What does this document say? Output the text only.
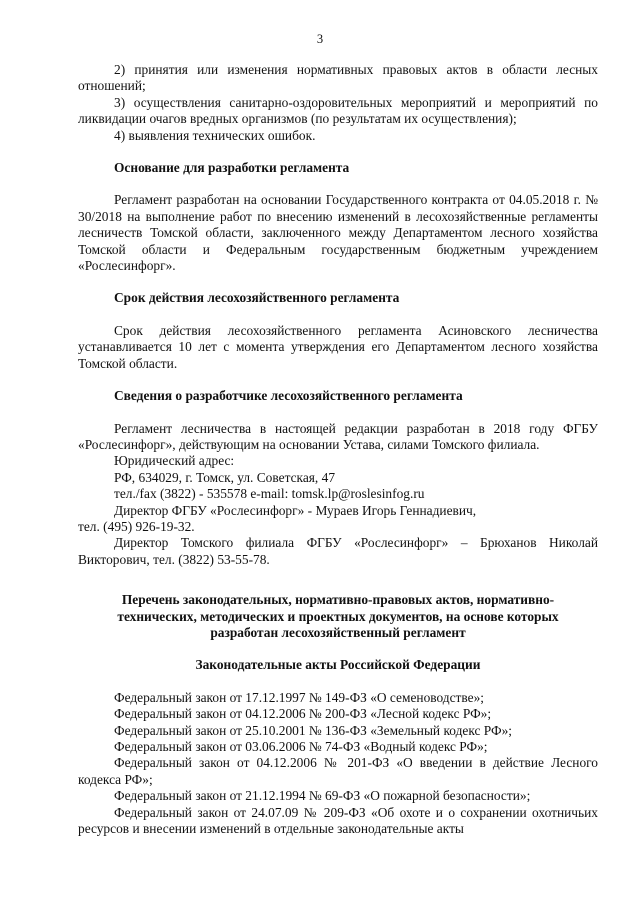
3

2) принятия или изменения нормативных правовых актов в области лесных отношений;

3) осуществления санитарно-оздоровительных мероприятий и мероприятий по ликвидации очагов вредных организмов (по результатам их осуществления);

4) выявления технических ошибок.

Основание для разработки регламента

Регламент разработан на основании Государственного контракта от 04.05.2018 г. № 30/2018 на выполнение работ по внесению изменений в лесохозяйственные регламенты лесничеств Томской области, заключенного между Департаментом лесного хозяйства Томской области и Федеральным государственным бюджетным учреждением «Рослесинфорг».

Срок действия лесохозяйственного регламента

Срок действия лесохозяйственного регламента Асиновского лесничества устанавливается 10 лет с момента утверждения его Департаментом лесного хозяйства Томской области.

Сведения о разработчике лесохозяйственного регламента

Регламент лесничества в настоящей редакции разработан в 2018 году ФГБУ «Рослесинфорг», действующим на основании Устава, силами Томского филиала.

Юридический адрес:

РФ, 634029, г. Томск, ул. Советская, 47

тел./fax (3822) - 535578 e-mail: tomsk.lp@roslesinfog.ru

Директор ФГБУ «Рослесинфорг» - Мураев Игорь Геннадиевич,

тел. (495) 926-19-32.

Директор Томского филиала ФГБУ «Рослесинфорг» – Брюханов Николай Викторович, тел. (3822) 53-55-78.

Перечень законодательных, нормативно-правовых актов, нормативно-
технических, методических и проектных документов, на основе которых
разработан лесохозяйственный регламент
Законодательные акты Российской Федерации

Федеральный закон от 17.12.1997 № 149-ФЗ «О семеноводстве»;

Федеральный закон от 04.12.2006 № 200-ФЗ «Лесной кодекс РФ»;

Федеральный закон от 25.10.2001 № 136-ФЗ «Земельный кодекс РФ»;

Федеральный закон от 03.06.2006 № 74-ФЗ «Водный кодекс РФ»;

Федеральный закон от 04.12.2006 № 201-ФЗ «О введении в действие Лесного кодекса РФ»;

Федеральный закон от 21.12.1994 № 69-ФЗ «О пожарной безопасности»;

Федеральный закон от 24.07.09 № 209-ФЗ «Об охоте и о сохранении охотничьих ресурсов и внесении изменений в отдельные законодательные акты
